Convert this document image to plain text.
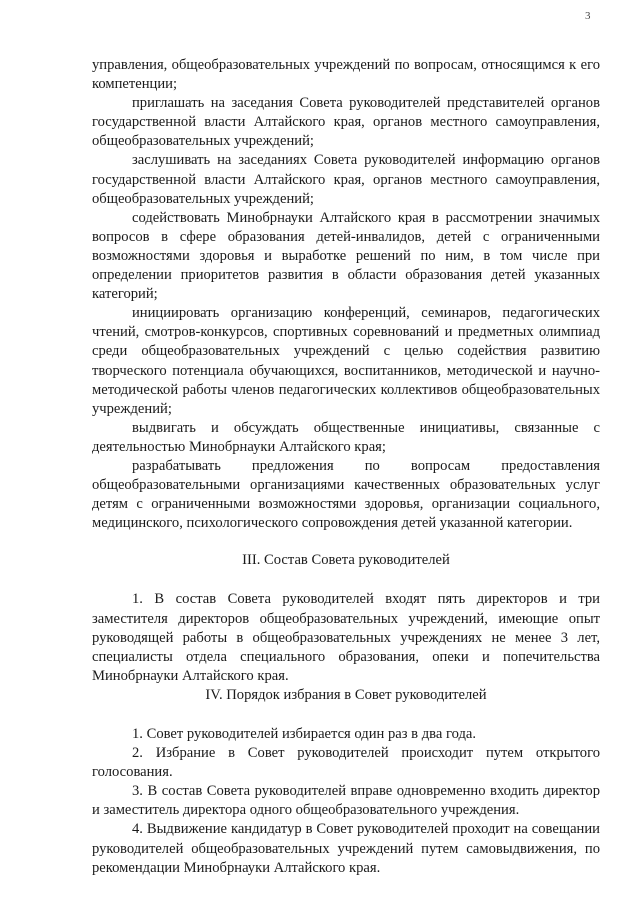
3

управления, общеобразовательных учреждений по вопросам, относящимся к его компетенции;

приглашать на заседания Совета руководителей представителей органов государственной власти Алтайского края, органов местного самоуправления, общеобразовательных учреждений;

заслушивать на заседаниях Совета руководителей информацию органов государственной власти Алтайского края, органов местного самоуправления, общеобразовательных учреждений;

содействовать Минобрнауки Алтайского края в рассмотрении значимых вопросов в сфере образования детей-инвалидов, детей с ограниченными возможностями здоровья и выработке решений по ним, в том числе при определении приоритетов развития в области образования детей указанных категорий;

инициировать организацию конференций, семинаров, педагогических чтений, смотров-конкурсов, спортивных соревнований и предметных олимпиад среди общеобразовательных учреждений с целью содействия развитию творческого потенциала обучающихся, воспитанников, методической и научно-методической работы членов педагогических коллективов общеобразовательных учреждений;

выдвигать и обсуждать общественные инициативы, связанные с деятельностью Минобрнауки Алтайского края;

разрабатывать предложения по вопросам предоставления общеобразовательными организациями качественных образовательных услуг детям с ограниченными возможностями здоровья, организации социального, медицинского, психологического сопровождения детей указанной категории.

III. Состав Совета руководителей

1. В состав Совета руководителей входят пять директоров и три заместителя директоров общеобразовательных учреждений, имеющие опыт руководящей работы в общеобразовательных учреждениях не менее 3 лет, специалисты отдела специального образования, опеки и попечительства Минобрнауки Алтайского края.

IV. Порядок избрания в Совет руководителей

1. Совет руководителей избирается один раз в два года.

2. Избрание в Совет руководителей происходит путем открытого голосования.

3. В состав Совета руководителей вправе одновременно входить директор и заместитель директора одного общеобразовательного учреждения.

4. Выдвижение кандидатур в Совет руководителей проходит на совещании руководителей общеобразовательных учреждений путем самовыдвижения, по рекомендации Минобрнауки Алтайского края.
